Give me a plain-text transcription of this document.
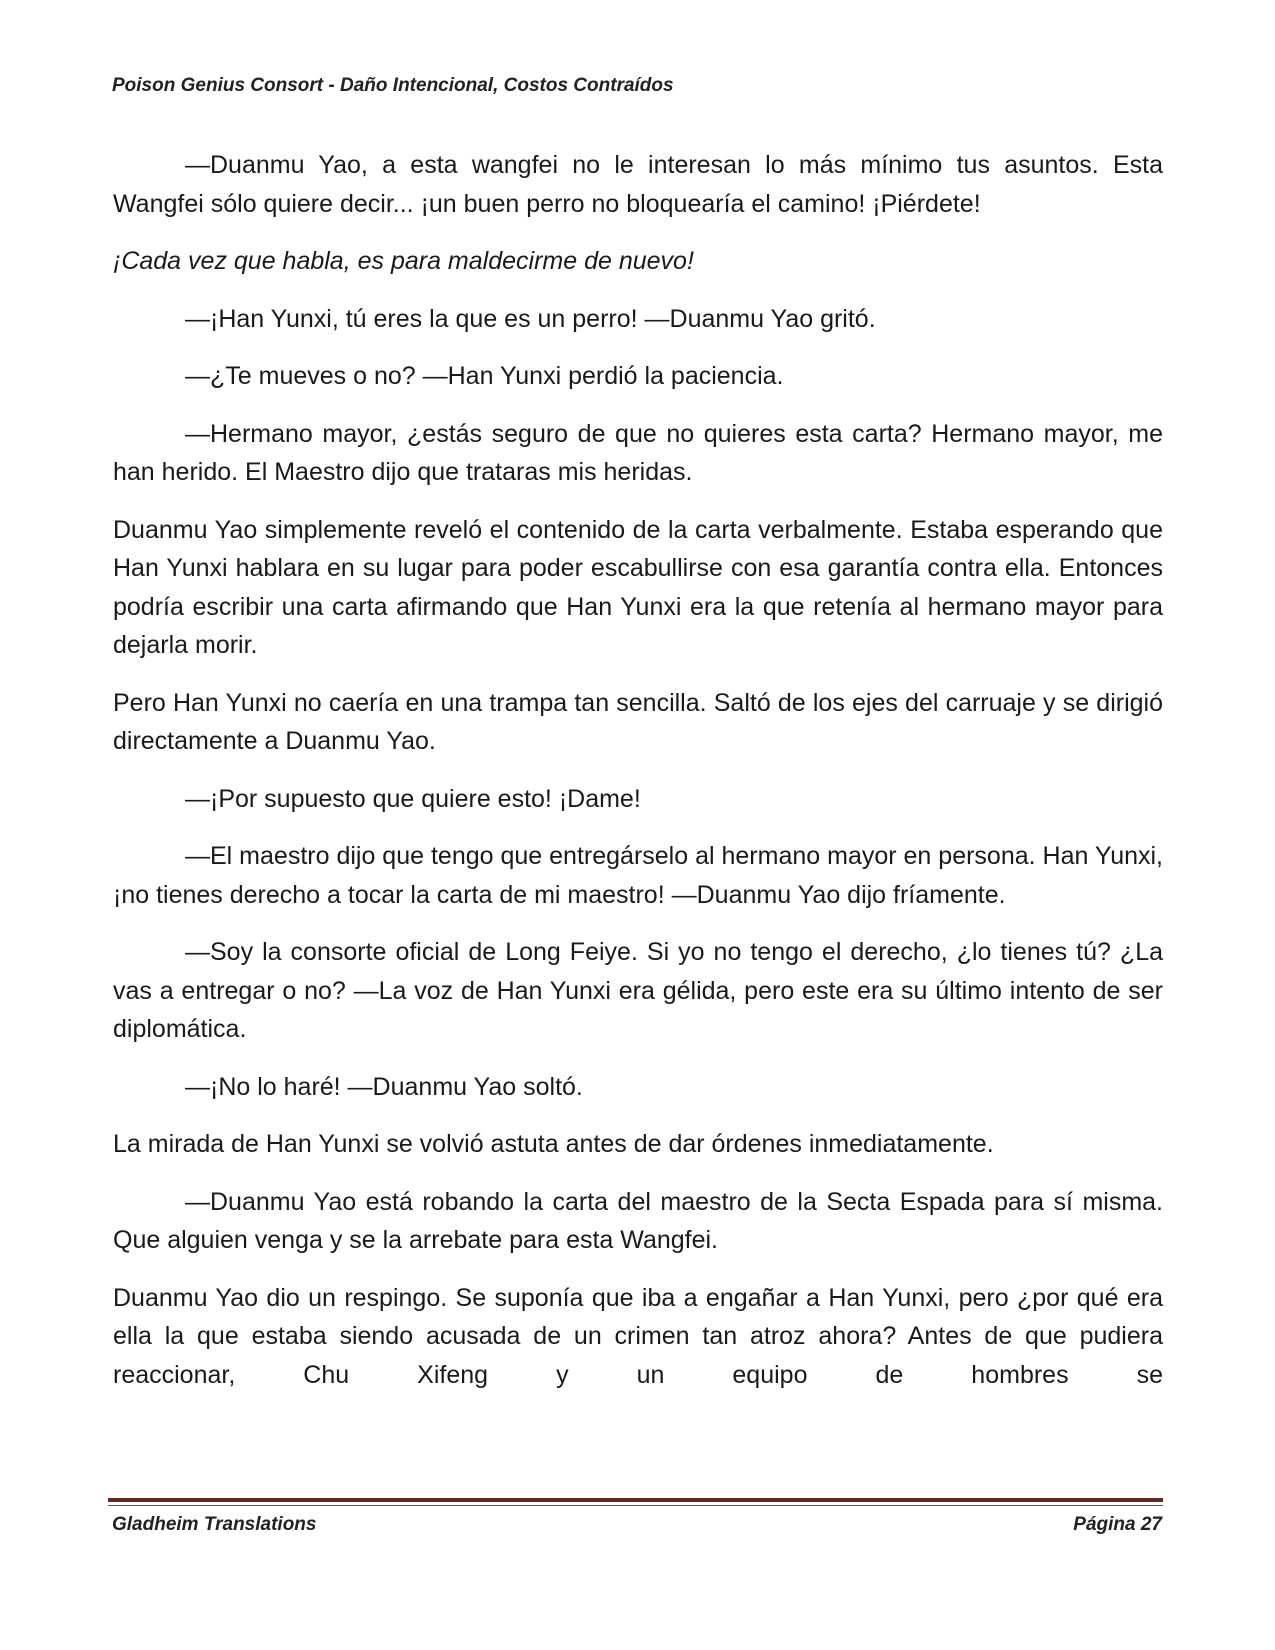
Poison Genius Consort - Daño Intencional, Costos Contraídos

—Duanmu Yao, a esta wangfei no le interesan lo más mínimo tus asuntos. Esta Wangfei sólo quiere decir... ¡un buen perro no bloquearía el camino! ¡Piérdete!

¡Cada vez que habla, es para maldecirme de nuevo!

—¡Han Yunxi, tú eres la que es un perro! —Duanmu Yao gritó.

—¿Te mueves o no? —Han Yunxi perdió la paciencia.

—Hermano mayor, ¿estás seguro de que no quieres esta carta? Hermano mayor, me han herido. El Maestro dijo que trataras mis heridas.

Duanmu Yao simplemente reveló el contenido de la carta verbalmente. Estaba esperando que Han Yunxi hablara en su lugar para poder escabullirse con esa garantía contra ella. Entonces podría escribir una carta afirmando que Han Yunxi era la que retenía al hermano mayor para dejarla morir.

Pero Han Yunxi no caería en una trampa tan sencilla. Saltó de los ejes del carruaje y se dirigió directamente a Duanmu Yao.

—¡Por supuesto que quiere esto! ¡Dame!

—El maestro dijo que tengo que entregárselo al hermano mayor en persona. Han Yunxi, ¡no tienes derecho a tocar la carta de mi maestro! —Duanmu Yao dijo fríamente.

—Soy la consorte oficial de Long Feiye. Si yo no tengo el derecho, ¿lo tienes tú? ¿La vas a entregar o no? —La voz de Han Yunxi era gélida, pero este era su último intento de ser diplomática.

—¡No lo haré! —Duanmu Yao soltó.

La mirada de Han Yunxi se volvió astuta antes de dar órdenes inmediatamente.

—Duanmu Yao está robando la carta del maestro de la Secta Espada para sí misma. Que alguien venga y se la arrebate para esta Wangfei.

Duanmu Yao dio un respingo. Se suponía que iba a engañar a Han Yunxi, pero ¿por qué era ella la que estaba siendo acusada de un crimen tan atroz ahora? Antes de que pudiera reaccionar, Chu Xifeng y un equipo de hombres se

Gladheim Translations	Página 27
